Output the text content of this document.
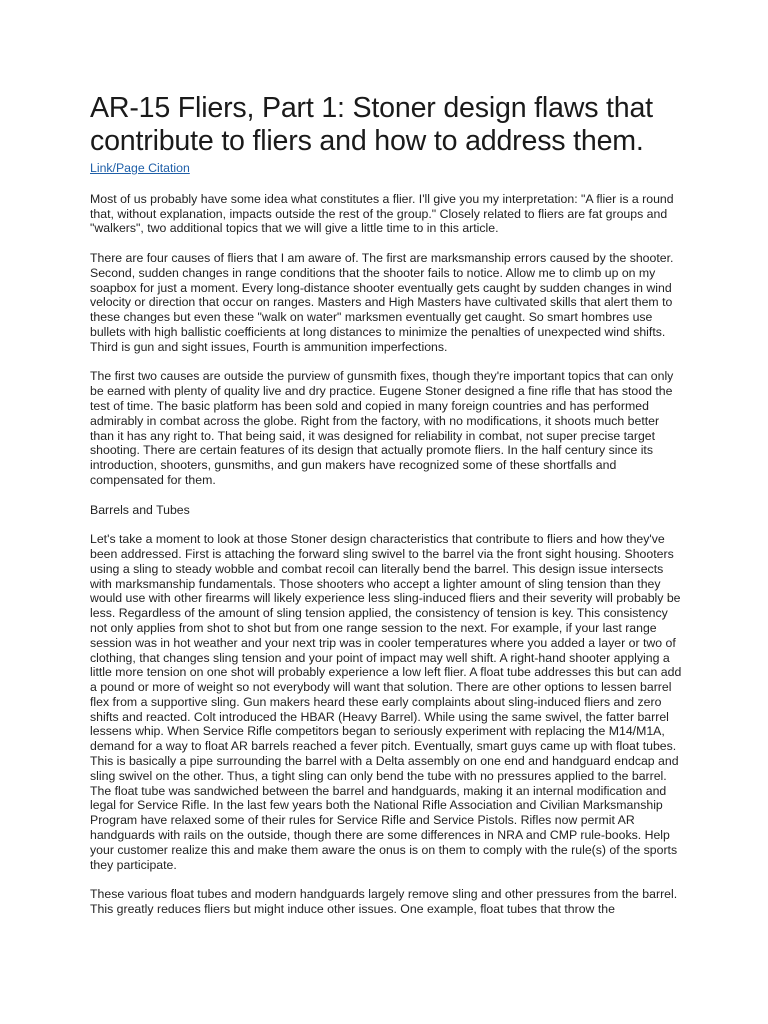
AR-15 Fliers, Part 1: Stoner design flaws that contribute to fliers and how to address them.
Link/Page Citation

Most of us probably have some idea what constitutes a flier. I'll give you my interpretation: "A flier is a round that, without explanation, impacts outside the rest of the group." Closely related to fliers are fat groups and "walkers", two additional topics that we will give a little time to in this article.

There are four causes of fliers that I am aware of. The first are marksmanship errors caused by the shooter. Second, sudden changes in range conditions that the shooter fails to notice. Allow me to climb up on my soapbox for just a moment. Every long-distance shooter eventually gets caught by sudden changes in wind velocity or direction that occur on ranges. Masters and High Masters have cultivated skills that alert them to these changes but even these "walk on water" marksmen eventually get caught. So smart hombres use bullets with high ballistic coefficients at long distances to minimize the penalties of unexpected wind shifts. Third is gun and sight issues, Fourth is ammunition imperfections.

The first two causes are outside the purview of gunsmith fixes, though they're important topics that can only be earned with plenty of quality live and dry practice. Eugene Stoner designed a fine rifle that has stood the test of time. The basic platform has been sold and copied in many foreign countries and has performed admirably in combat across the globe. Right from the factory, with no modifications, it shoots much better than it has any right to. That being said, it was designed for reliability in combat, not super precise target shooting. There are certain features of its design that actually promote fliers. In the half century since its introduction, shooters, gunsmiths, and gun makers have recognized some of these shortfalls and compensated for them.

Barrels and Tubes

Let's take a moment to look at those Stoner design characteristics that contribute to fliers and how they've been addressed. First is attaching the forward sling swivel to the barrel via the front sight housing. Shooters using a sling to steady wobble and combat recoil can literally bend the barrel. This design issue intersects with marksmanship fundamentals. Those shooters who accept a lighter amount of sling tension than they would use with other firearms will likely experience less sling-induced fliers and their severity will probably be less. Regardless of the amount of sling tension applied, the consistency of tension is key. This consistency not only applies from shot to shot but from one range session to the next. For example, if your last range session was in hot weather and your next trip was in cooler temperatures where you added a layer or two of clothing, that changes sling tension and your point of impact may well shift. A right-hand shooter applying a little more tension on one shot will probably experience a low left flier. A float tube addresses this but can add a pound or more of weight so not everybody will want that solution. There are other options to lessen barrel flex from a supportive sling. Gun makers heard these early complaints about sling-induced fliers and zero shifts and reacted. Colt introduced the HBAR (Heavy Barrel). While using the same swivel, the fatter barrel lessens whip. When Service Rifle competitors began to seriously experiment with replacing the M14/M1A, demand for a way to float AR barrels reached a fever pitch. Eventually, smart guys came up with float tubes. This is basically a pipe surrounding the barrel with a Delta assembly on one end and handguard endcap and sling swivel on the other. Thus, a tight sling can only bend the tube with no pressures applied to the barrel. The float tube was sandwiched between the barrel and handguards, making it an internal modification and legal for Service Rifle. In the last few years both the National Rifle Association and Civilian Marksmanship Program have relaxed some of their rules for Service Rifle and Service Pistols. Rifles now permit AR handguards with rails on the outside, though there are some differences in NRA and CMP rule-books. Help your customer realize this and make them aware the onus is on them to comply with the rule(s) of the sports they participate.

These various float tubes and modern handguards largely remove sling and other pressures from the barrel. This greatly reduces fliers but might induce other issues. One example, float tubes that throw the
